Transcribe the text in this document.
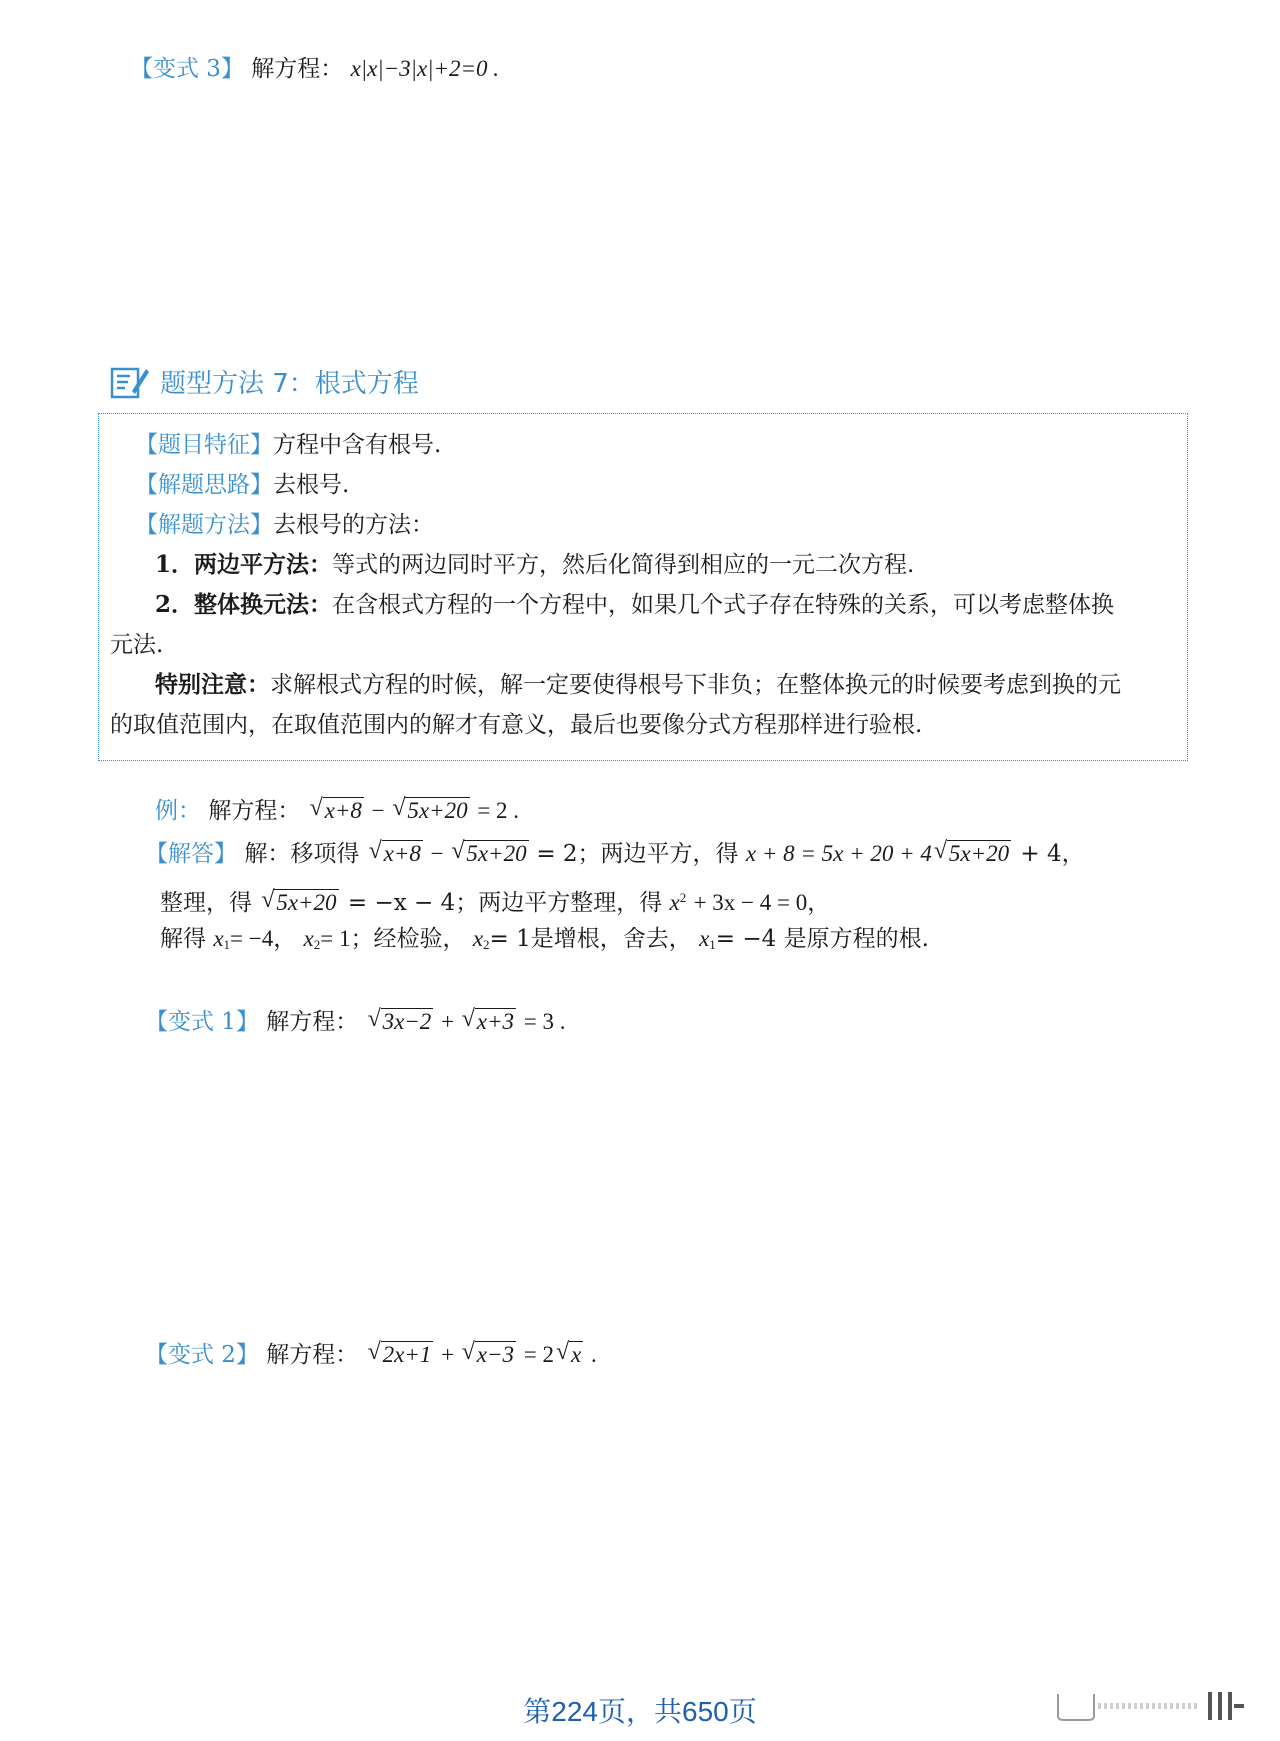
【变式 3】 解方程： x|x|−3|x|+2=0 .
题型方法 7：根式方程
【题目特征】方程中含有根号.
【解题思路】去根号.
【解题方法】去根号的方法：
1．两边平方法：等式的两边同时平方，然后化简得到相应的一元二次方程.
2．整体换元法：在含根式方程的一个方程中，如果几个式子存在特殊的关系，可以考虑整体换
元法.
特别注意：求解根式方程的时候，解一定要使得根号下非负；在整体换元的时候要考虑到换的元
的取值范围内，在取值范围内的解才有意义，最后也要像分式方程那样进行验根.
例： 解方程： √ x+8 − √ 5x+20 = 2 .
【解答】 解：移项得 √ x+8 − √ 5x+20 = 2；两边平方，得 x + 8 = 5x + 20 + 4 √ 5x+20 + 4，
整理，得 √ 5x+20 = −x − 4；两边平方整理，得 $x^2 + 3x - 4 = 0$，
解得 $x_1= -4$， $x_2= 1$；经检验， $x_2= 1$是增根，舍去， $x_1= -4$ 是原方程的根.
【变式 1】 解方程： √ 3x−2 + √ x+3 = 3 .
【变式 2】 解方程： √ 2x+1 + √ x−3 = 2 √ x .
第224页，共650页
